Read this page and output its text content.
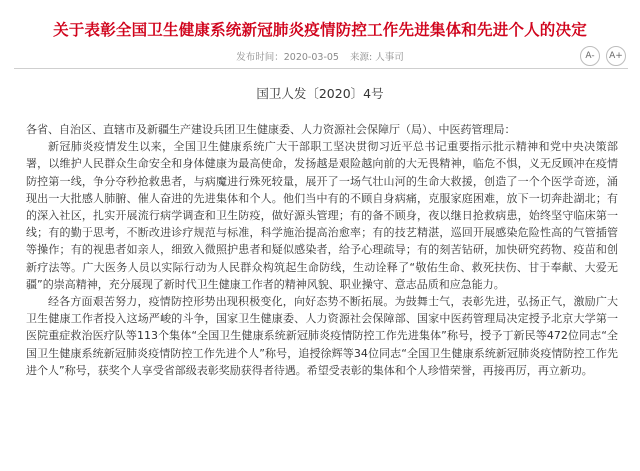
关于表彰全国卫生健康系统新冠肺炎疫情防控工作先进集体和先进个人的决定
发布时间：2020-03-05 来源: 人事司	A-	A+
国卫人发〔2020〕4号

各省、自治区、直辖市及新疆生产建设兵团卫生健康委、人力资源社会保障厅（局）、中医药管理局：

新冠肺炎疫情发生以来，全国卫生健康系统广大干部职工坚决贯彻习近平总书记重要指示批示精神和党中央决策部署，以维护人民群众生命安全和身体健康为最高使命，发扬越是艰险越向前的大无畏精神，临危不惧，义无反顾冲在疫情防控第一线，争分夺秒抢救患者，与病魔进行殊死较量，展开了一场气壮山河的生命大救援，创造了一个个医学奇迹，涌现出一大批感人肺腑、催人奋进的先进集体和个人。他们当中有的不顾自身病痛，克服家庭困难，放下一切奔赴湖北；有的深入社区，扎实开展流行病学调查和卫生防疫，做好源头管理；有的备不顾身，夜以继日抢救病患，始终坚守临床第一线；有的勤于思考，不断改进诊疗规范与标准，科学施治提高治愈率；有的技艺精湛，巡回开展感染危险性高的气管插管等操作；有的视患者如亲人，细致入微照护患者和疑似感染者，给予心理疏导；有的刻苦钻研，加快研究药物、疫苗和创新疗法等。广大医务人员以实际行动为人民群众构筑起生命防线，生动诠释了“敬佑生命、救死扶伤、甘于奉献、大爱无疆”的崇高精神，充分展现了新时代卫生健康工作者的精神风貌、职业操守、意志品质和应急能力。

经各方面艰苦努力，疫情防控形势出现积极变化，向好态势不断拓展。为鼓舞士气，表彰先进，弘扬正气，激励广大卫生健康工作者投入这场严峻的斗争，国家卫生健康委、人力资源社会保障部、国家中医药管理局决定授予北京大学第一医院重症救治医疗队等113个集体“全国卫生健康系统新冠肺炎疫情防控工作先进集体”称号，授予丁新民等472位同志“全国卫生健康系统新冠肺炎疫情防控工作先进个人”称号，追授徐辉等34位同志“全国卫生健康系统新冠肺炎疫情防控工作先进个人”称号，获奖个人享受省部级表彰奖励获得者待遇。希望受表彰的集体和个人珍惜荣誉，再接再厉，再立新功。
